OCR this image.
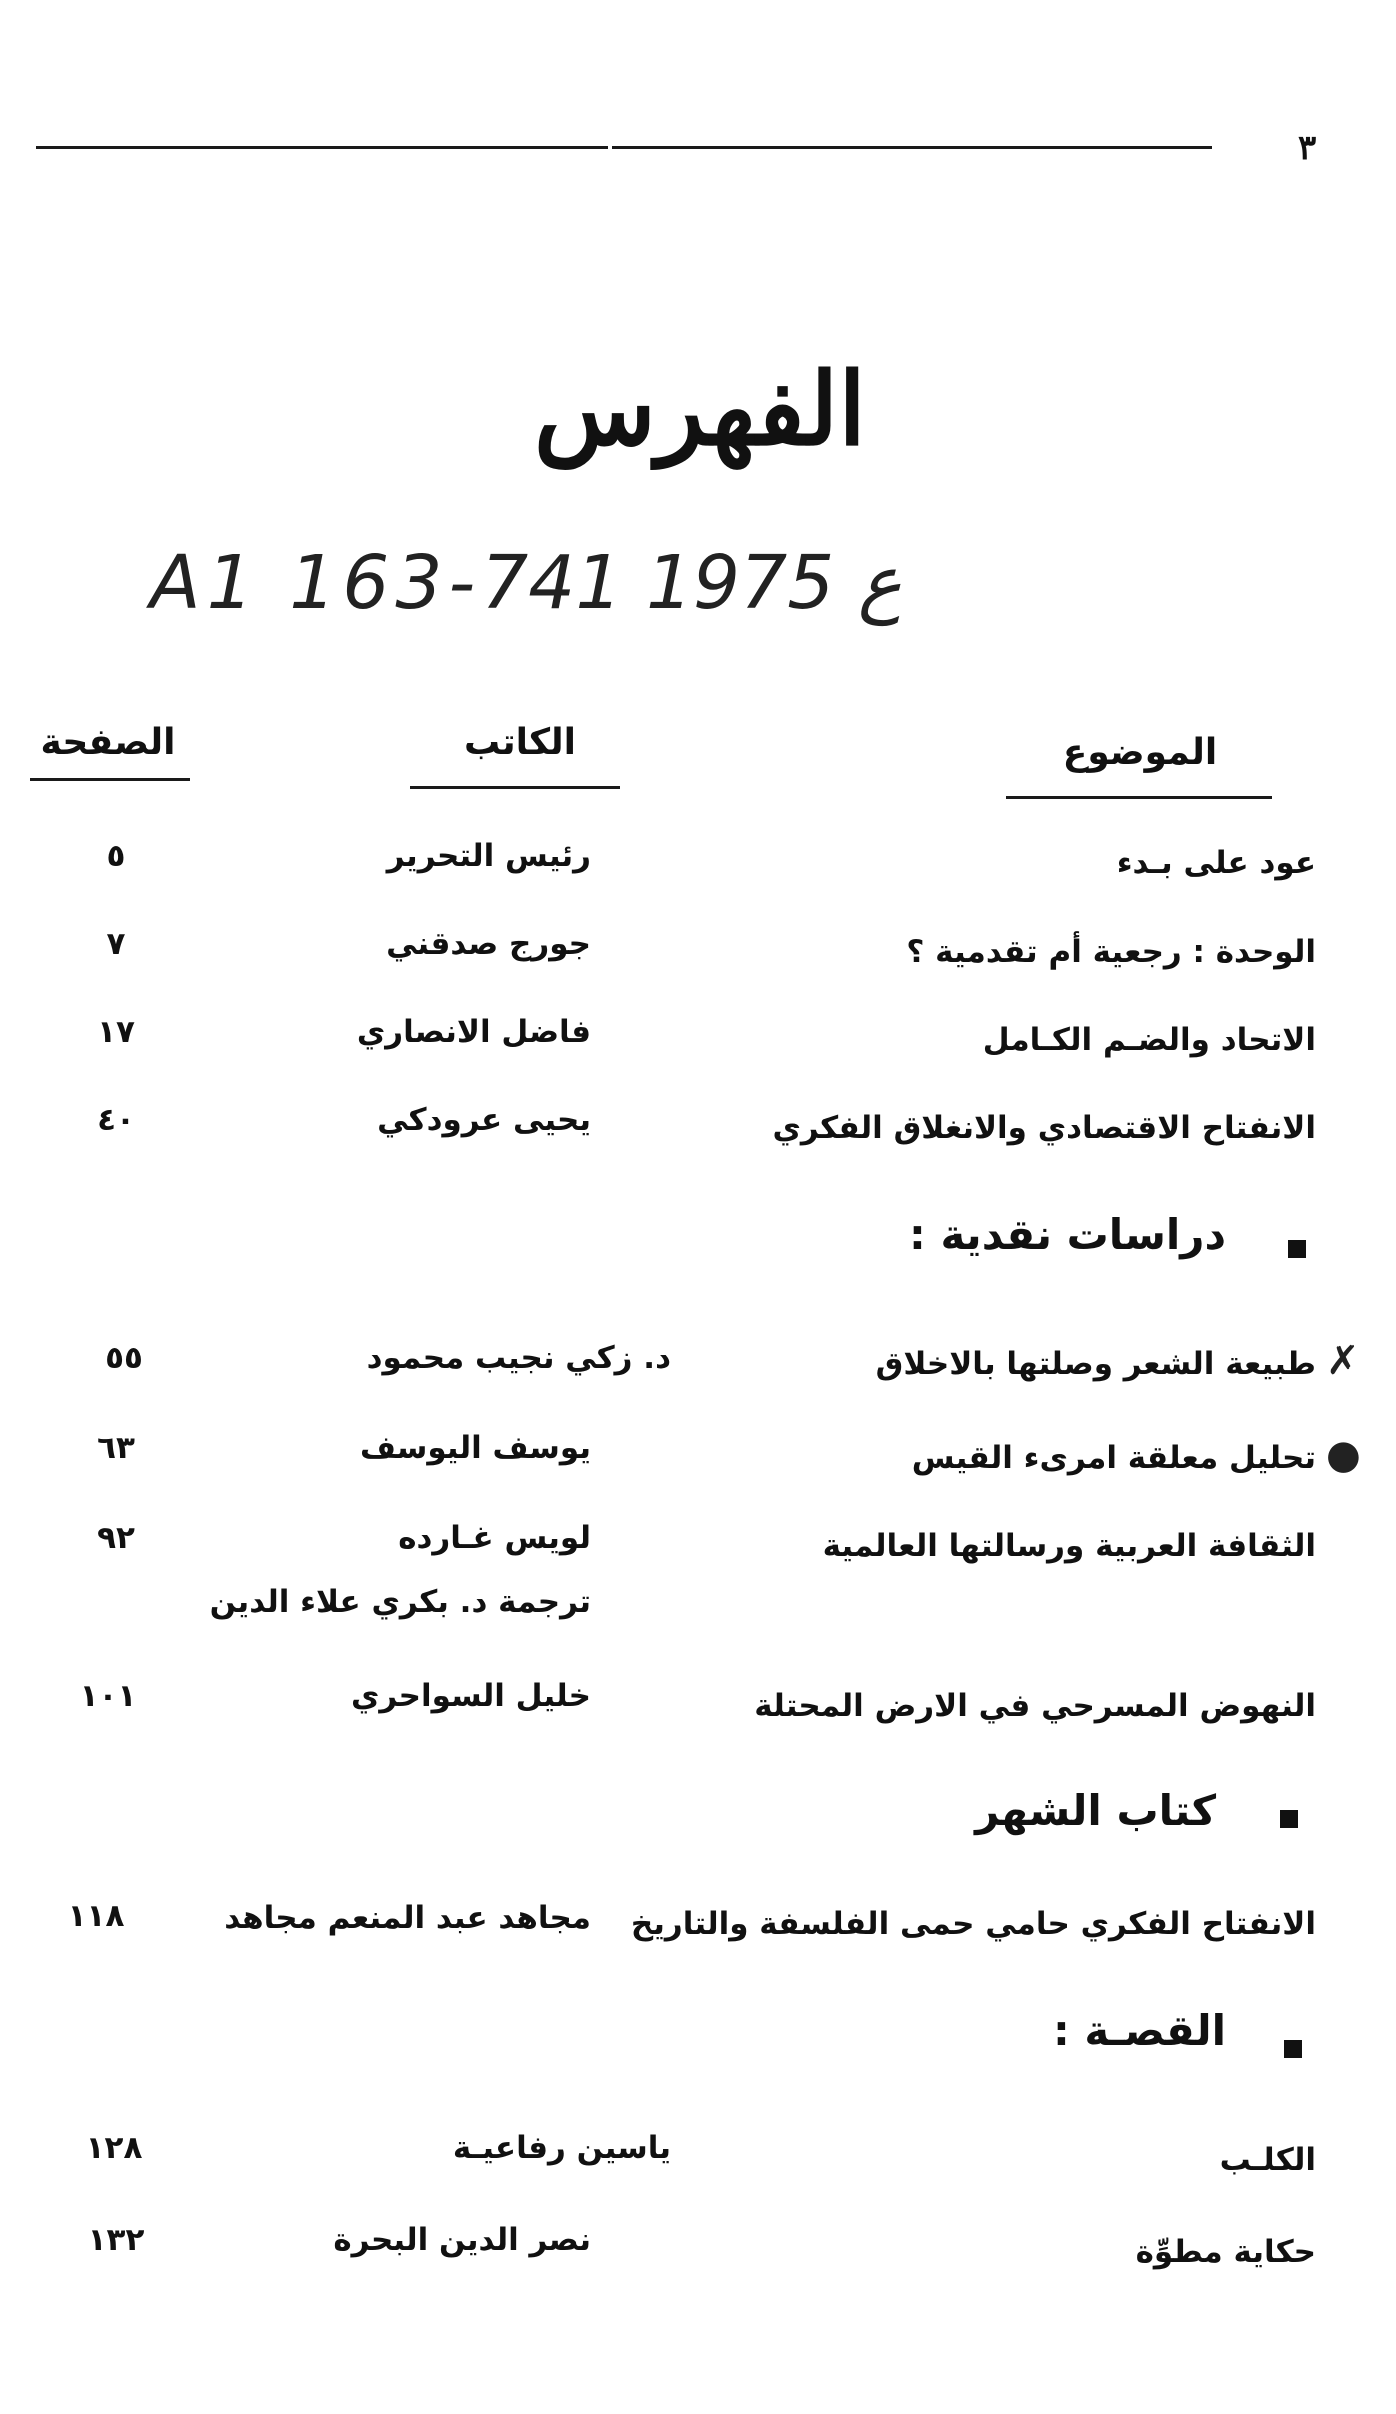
٣
الفهرس
A1 163-ع 1975 741
الصفحة	الكاتب	الموضوع
عود على بـدء
رئيس التحرير
٥
الوحدة : رجعية أم تقدمية ؟
جورج صدقني
٧
الاتحاد والضـم الكـامل
فاضل الانصاري
١٧
الانفتاح الاقتصادي والانغلاق الفكري
يحيى عرودكي
٤٠
دراسات نقدية :
✗
طبيعة الشعر وصلتها بالاخلاق
د. زكي نجيب محمود
٥٥
●
تحليل معلقة امرىء القيس
يوسف اليوسف
٦٣
الثقافة العربية ورسالتها العالمية
لويس غـارده
ترجمة د. بكري علاء الدين
٩٢
النهوض المسرحي في الارض المحتلة
خليل السواحري
١٠١
كتاب الشهر
الانفتاح الفكري حامي حمى الفلسفة والتاريخ
مجاهد عبد المنعم مجاهد
١١٨
القصـة :
الكلـب
ياسين رفاعيـة
١٢٨
حكاية مطوِّة
نصر الدين البحرة
١٣٢
